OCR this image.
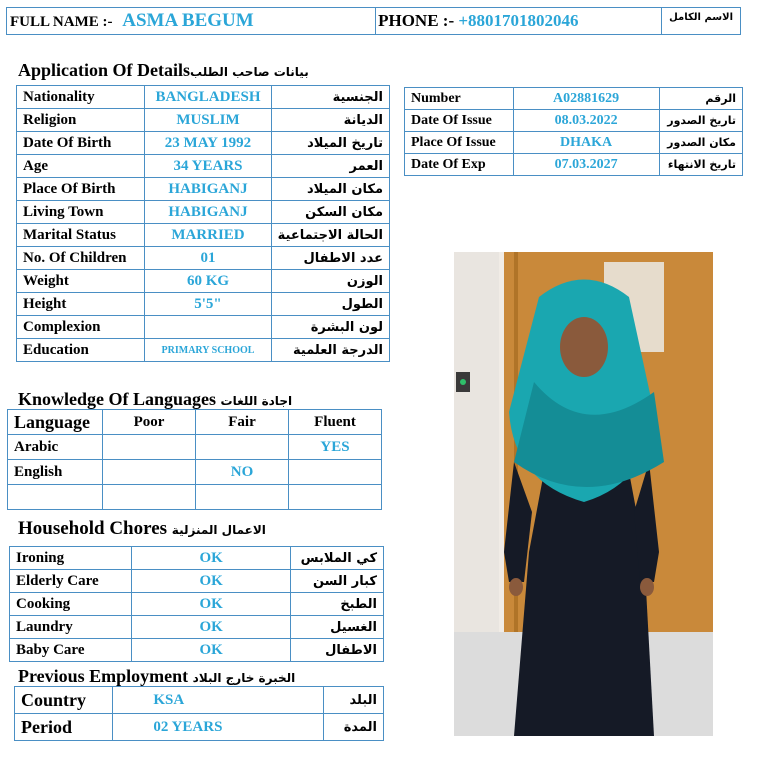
FULL NAME :- ASMA BEGUM	PHONE :- +8801701802046	الاسم الكامل
Application Of Detailsبيانات صاحب الطلب
Nationality	BANGLADESH	الجنسية
Religion	MUSLIM	الديانة
Date Of Birth	23 MAY 1992	تاريخ الميلاد
Age	34 YEARS	العمر
Place Of Birth	HABIGANJ	مكان الميلاد
Living Town	HABIGANJ	مكان السكن
Marital Status	MARRIED	الحالة الاجتماعية
No. Of Children	01	عدد الاطفال
Weight	60 KG	الوزن
Height	5'5"	الطول
Complexion		لون البشرة
Education	PRIMARY SCHOOL	الدرجة العلمية
Number	A02881629	الرقم
Date Of Issue	08.03.2022	تاريخ الصدور
Place Of Issue	DHAKA	مكان الصدور
Date Of Exp	07.03.2027	تاريخ الانتهاء
Knowledge Of Languages اجادة اللغات
Language	Poor	Fair	Fluent
Arabic			YES
English		NO	

Household Chores الاعمال المنزلية
Ironing	OK	كي الملابس
Elderly Care	OK	كبار السن
Cooking	OK	الطبخ
Laundry	OK	الغسيل
Baby Care	OK	الاطفال
Previous Employment الخبرة خارج البلاد
Country	KSA	البلد
Period	02 YEARS	المدة
